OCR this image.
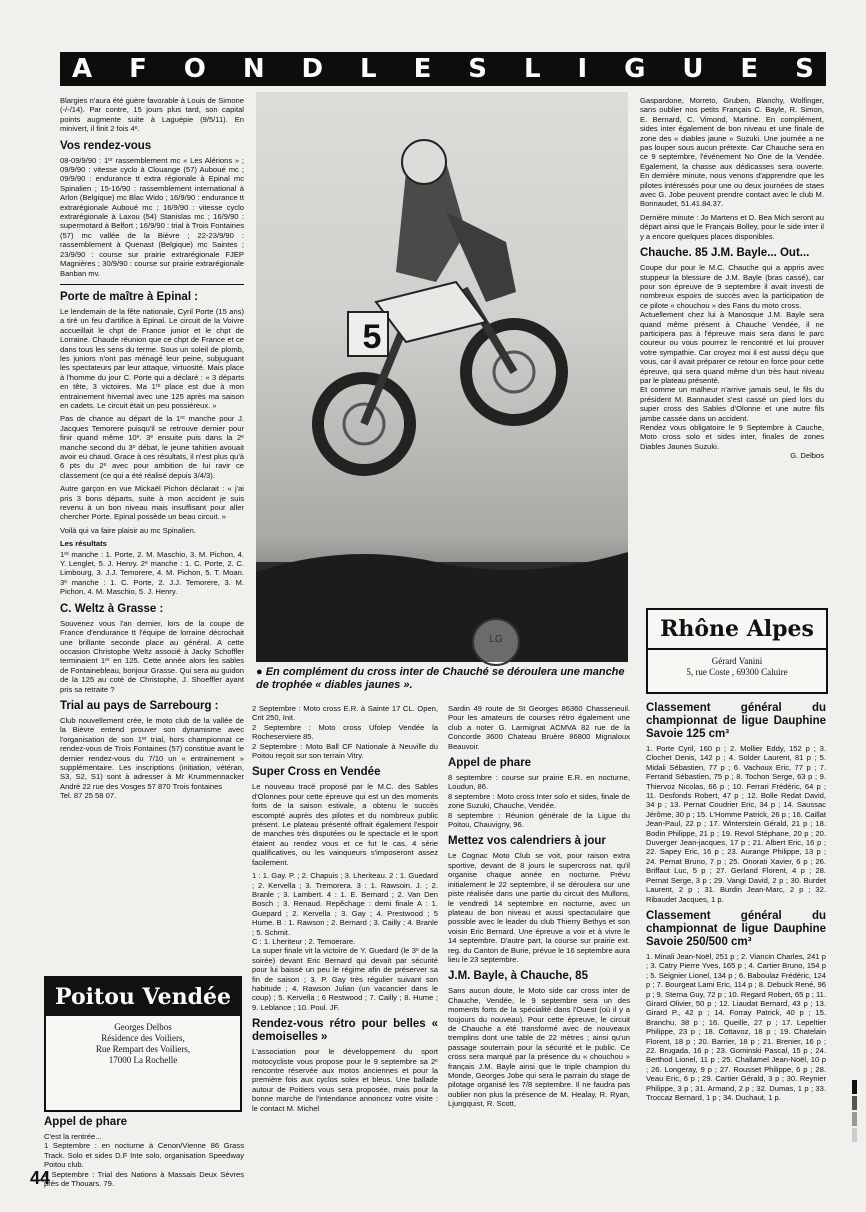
A F O N D L E S L I G U E S

Blargies n'aura été guère favorable à Louis de Simone (-/-/14). Par contre, 15 jours plus tard, son capital points augmente suite à Laguépie (9/5/11). En minivert, il finit 2 fois 4ᵉ.

Vos rendez-vous

08-09/9/90 : 1ᵉʳ rassemblement mc « Les Alérions » ; 09/9/90 : vitesse cyclo à Clouange (57) Auboué mc ; 09/9/90 : endurance tt extra régionale à Epinal mc Spinalien ; 15-16/90 : rassemblement international à Arlon (Belgique) mc Blac Wido ; 16/9/90 : endurance tt extrarégionale Auboué mc ; 16/9/90 : vitesse cyclo extrarégionale à Laxou (54) Stanislas mc ; 16/9/90 : supermotard à Belfort ; 16/9/90 : trial à Trois Fontaines (57) mc vallée de la Bièvre ; 22-23/9/90 : rassemblement à Quenast (Belgique) mc Saintes ; 23/9/90 : course sur prairie extrarégionale FJEP Magnières ; 30/9/90 : course sur prairie extrarégionale Banban mv.

Porte de maître à Epinal :

Le lendemain de la fête nationale, Cyril Porte (15 ans) a tiré un feu d'artifice à Epinal. Le circuit de la Voivre accueillait le chpt de France junior et le chpt de Lorraine. Chaude réunion que ce chpt de France et ce dans tous les sens du terme. Sous un soleil de plomb, les juniors n'ont pas ménagé leur peine, subjuguant les spectateurs par leur attaque, virtuosité. Mais place à l'homme du jour C. Porte qui a déclaré : « 3 départs en tête, 3 victoires. Ma 1ʳᵉ place est due à mon entrainement hivernal avec une 125 après ma saison en cadets. Le circuit était un peu possiéreux. »

Pas de chance au départ de la 1ʳᵉ manche pour J. Jacques Temorere puisqu'il se retrouve dernier pour finir quand même 10ᵉ. 3ᵉ ensuite puis dans la 2ᵉ manche second du 3ᵉ débat, le jeune tahitien avouait avoir eu chaud. Grace à ces résultats, il n'est plus qu'à 6 pts du 2ᵉ avec pour ambition de lui ravir ce classement (ce qui a été réalisé depuis 3/4/3).

Autre garçon en vue Mickaël Pichon déclarait : « j'ai pris 3 bons départs, suite à mon accident je suis revenu à un bon niveau mais insuffisant pour aller chercher Porte. Epinal possède un beau circuit. »

Voilà qui va faire plaisir au mc Spinalien.

Les résultats

1ʳᵉ manche : 1. Porte, 2. M. Maschio, 3. M. Pichon, 4. Y. Lenglet, 5. J. Henry. 2ᵉ manche : 1. C. Porte, 2. C. Limbourg, 3. J.J. Temorere, 4. M. Pichon, 5. T. Moan. 3ᵉ manche : 1. C. Porte, 2. J.J. Temorere, 3. M. Pichon, 4. M. Maschio, 5. J. Henry.

C. Weltz à Grasse :

Souvenez vous l'an dernier, lors de la coupe de France d'endurance tt l'équipe de lorraine décrochait une brillante seconde place au général. A cette occasion Christophe Weltz associé à Jacky Schoffler terminaient 1ᵉʳ en 125. Cette année alors les sables de Fontainebleau, bonjour Grasse. Qui sera au guidon de la 125 au coté de Christophe, J. Shoeffler ayant pris sa retraite ?

Trial au pays de Sarrebourg :

Club nouvellement crée, le moto club de la vallée de la Bièvre entend prouver son dynamisme avec l'organisation de son 1ᵉʳ trial, hors championnat ce rendez-vous de Trois Fontaines (57) constitue avant le dernier rendez-vous du 7/10 un « entrainement » supplémentaire. Les inscriptions (initiation, vétéran, S3, S2, S1) sont à adresser à Mr Krummennacker André 22 rue des Vosges 57 870 Trois fontaines

Tel. 87 25 58 07.

Poitou Vendée
Georges Delbos
Résidence des Voiliers,
Rue Rempart des Voiliers,
17000 La Rochelle
Appel de phare

C'est la rentrée...

1 Septembre : en nocturne à Cenon/Vienne 86 Grass Track. Solo et sides D.F Inte solo, organisation Speedway Poitou club.

2 Septembre : Trial des Nations à Massais Deux Sèvres près de Thouars. 79.

44
5
LG
● En complément du cross inter de Chauché se déroulera une manche de trophée « diables jaunes ».

2 Septembre : Moto cross E.R. à Sainte 17 CL. Open, Crit 250, Init.

2 Septembre : Moto cross Ufolep Vendée la Rocheserviere 85.

2 Septembre : Moto Ball CF Nationale à Neuville du Poitou reçoit sur son terrain Vitry.

Super Cross en Vendée

Le nouveau tracé proposé par le M.C. des Sables d'Olonnes pour cette épreuve qui est un des moments forts de la saison estivale, a obtenu le succès escompté auprès des pilotes et du nombreux public présent. Le plateau présenté offrait également l'espoir de manches très disputées ou le spectacle et le sport étaient au rendez vous et ce fut le cas. 4 série qualificatives, ou les vainqueurs s'imposeront assez facilement.

1 : 1. Gay. P. ; 2. Chapuis ; 3. Lheriteau. 2 : 1. Guedard ; 2. Kervella ; 3. Tremorera. 3 : 1. Rawsoin. J. ; 2. Branle ; 3. Lambert. 4 : 1. E. Bernard ; 2. Van Den Bosch ; 3. Renaud. Repêchage : demi finale A : 1. Guepard ; 2. Kervella ; 3. Gay ; 4. Prestwood ; 5 Hume. B : 1. Rawson ; 2. Bernard ; 3. Cailly ; 4. Branle ; 5. Schmit.

C : 1. Lheriteur ; 2. Temoerare.

La super finale vit la victoire de Y. Guedard (le 3ᵉ de la soirée) devant Eric Bernard qui devait par sécurité pour lui baissé un peu le régime afin de préserver sa fin de saison ; 3. P. Gay très régulier suivant son habitude ; 4. Rawson Julian (un vacancier dans le coup) ; 5. Kervella ; 6 Restwood ; 7. Cailly ; 8. Hume ; 9. Leblance ; 10. Poul. JF.

Rendez-vous rétro pour belles « demoiselles »

L'association pour le développement du sport motocycliste vous propose pour le 9 septembre sa 2ᵉ rencontre réservée aux motos anciennes et pour la première fois aux cyclos solex et bleus. Une ballade autour de Poitiers vous sera proposée, mais pour la bonne marche de l'intendance annoncez votre visite : le contact M. Michel

Sardin 49 route de St Georges 86360 Chasseneuil. Pour les amateurs de courses rétro également une club a noter G. Larmignat ACMVA 82 rue de la Concorde 3600 Chateau Bruère 86800 Mignaloux Beauvoir.

Appel de phare

8 septembre : course sur prairie E.R. en nocturne, Loudun, 86.

8 septembre : Moto cross Inter solo et sides, finale de zone Suzuki, Chauche, Vendée.

8 septembre : Réunion générale de la Ligue du Poitou, Chauvigny, 96.

Mettez vos calendriers à jour

Le Cognac Moto Club se voit, pour raison extra sportive, devant de 8 jours le supercross nat. qu'il organise chaque année en nocturne. Prévu initialement le 22 septembre, il se déroulera sur une piste réalisée dans une partie du circuit des Mullons, le vendredi 14 septembre en nocturne, avec un plateau de bon niveau et aussi spectaculaire que possible avec le leader du club Thierry Bethys et son voisin Eric Bernard. Une épreuve a voir et à vivre le 14 septembre. D'autre part, la course sur prairie ext. reg. du Canton de Burie, prévue le 16 septembre aura lieu le 23 septembre.

J.M. Bayle, à Chauche, 85

Sans aucun doute, le Moto side car cross inter de Chauche, Vendée, le 9 septembre sera un des moments forts de la spécialité dans l'Ouest (où il y a toujours du nouveau). Pour cette épreuve, le circuit de Chauche a été transformé avec de nouveaux tremplins dont une table de 22 mètres ; ainsi qu'un passage souterrain pour la sécurité et le public. Ce cross sera marqué par la présence du « chouchou » français J.M. Bayle ainsi que le triple champion du Monde, Georges Jobe qui sera le parrain du stage de pilotage organisé les 7/8 septembre. Il ne faudra pas oublier non plus la présence de M. Healay, R. Ryan, Ljungquist, R. Scott,

Gaspardone, Morreto, Gruben, Blanchy, Wolfinger, sans oublier nos petits Français C. Bayle, R. Simon, E. Bernard, C. Vimond, Martine. En complément, sides inter également de bon niveau et une finale de zone des « diables jaune » Suzuki. Une journée a ne pas louper sous aucun prétexte. Car Chauche sera en ce 9 septembre, l'événement No One de la Vendée. Egalement, la chasse aux dédicasses sera ouverte. En dernière minute, nous venons d'apprendre que les pilotes intéressés pour une ou deux journées de staes avec G. Jobe peuvent prendre contact avec le club M. Bonnaudet, 51.41.84.37.

Dernière minute : Jo Martens et D. Bea Mich seront au départ ainsi que le Français Bolley, pour le side inter il y a encore quelques places disponibles.

Chauche. 85 J.M. Bayle... Out...

Coupe dur pour le M.C. Chauche qui a appris avec stuppeur la blessure de J.M. Bayle (bras cassé), car pour son épreuve de 9 septembre il avait investi de nombreux espoirs de succès avec la participation de ce pilote « chouchou » des Fans du moto cross.

Actuellement chez lui à Manosque J.M. Bayle sera quand même présent à Chauche Vendée, il ne participera pas à l'épreuve mais sera dans le parc coureur ou vous pourrez le rencontré et lui prouver votre sympathie. Car croyez moi il est aussi déçu que vous, car il avait préparer ce retour en force pour cette épreuve, qui sera quand même d'un très haut niveau par le plateau présenté.

Et comme un malheur n'arrive jamais seul, le fils du président M. Bannaudet s'est cassé un pied lors du super cross des Sables d'Olonne et une autre fils jambe cassée dans un accident.

Rendez vous obligatoire le 9 Septembre à Cauche, Moto cross solo et sides inter, finales de zones Diables Jaunes Suzuki.

G. Delbos

Rhône Alpes
Gérard Vanini
5, rue Coste , 69300 Caluire
Classement général du championnat de ligue Dauphine Savoie 125 cm³

1. Porte Cyril, 160 p ; 2. Mollier Eddy, 152 p ; 3. Clochet Denis, 142 p ; 4. Solder Laurent, 81 p ; 5. Midali Sébastien, 77 p ; 6. Vachoux Eric, 77 p ; 7. Ferrand Sébastien, 75 p ; 8. Tochon Serge, 63 p ; 9. Thiervoz Nicolas, 66 p ; 10. Ferrari Frédéric, 64 p ; 11. Desfonds Robert, 47 p ; 12. Bolle Redat David, 34 p ; 13. Pernat Coudrier Eric, 34 p ; 14. Saussac Jérôme, 30 p ; 15. L'Homme Patrick, 26 p ; 16. Caillat Jean-Paul, 22 p ; 17. Winterstein Gérald, 21 p ; 18. Bodin Philippe, 21 p ; 19. Revol Stéphane, 20 p ; 20. Duverger Jean-jacques, 17 p ; 21. Albert Eric, 16 p ; 22. Sapey Eric, 16 p ; 23. Aurange Philippe, 13 p ; 24. Pernat Bruno, 7 p ; 25. Onorati Xavier, 6 p ; 26. Briffaut Luc, 5 p ; 27. Gerland Florent, 4 p ; 28. Pernat Serge, 3 p ; 29. Vangi David, 2 p ; 30. Burdet Laurent, 2 p ; 31. Burdin Jean-Marc, 2 p ; 32. Ribaudet Jacques, 1 p.

Classement général du championnat de ligue Dauphine Savoie 250/500 cm³

1. Minali Jean-Noël, 251 p ; 2. Viancin Charles, 241 p ; 3. Catry Pierre Yves, 165 p ; 4. Cartier Bruno, 154 p ; 5. Seignier Lionel, 134 p ; 6. Baboulaz Frédéric, 124 p ; 7. Bourgeat Lami Eric, 114 p ; 8. Debuck René, 96 p ; 9. Sterna Guy, 72 p ; 10. Regard Robert, 65 p ; 11. Girard Olivier, 50 p ; 12. Liaudat Bernard, 43 p ; 13. Girard P., 42 p ; 14. Forray Patrick, 40 p ; 15. Branchu, 38 p ; 16. Queille, 27 p ; 17. Lepeltier Philippe, 23 p ; 18. Cottavoz, 18 p ; 19. Chatelain Florent, 18 p ; 20. Barrier, 18 p ; 21. Brenier, 16 p ; 22. Brugada, 16 p ; 23. Gominski Pascal, 15 p ; 24. Berthod Lionel, 11 p ; 25. Challamel Jean-Noël, 10 p ; 26. Longeray, 9 p ; 27. Rousset Philippe, 6 p ; 28. Veau Eric, 6 p ; 29. Cartier Gérald, 3 p ; 30. Reynier Philippe, 3 p ; 31. Armand, 2 p ; 32. Dumas, 1 p ; 33. Troccaz Bernard, 1 p ; 34. Duchaut, 1 p.
